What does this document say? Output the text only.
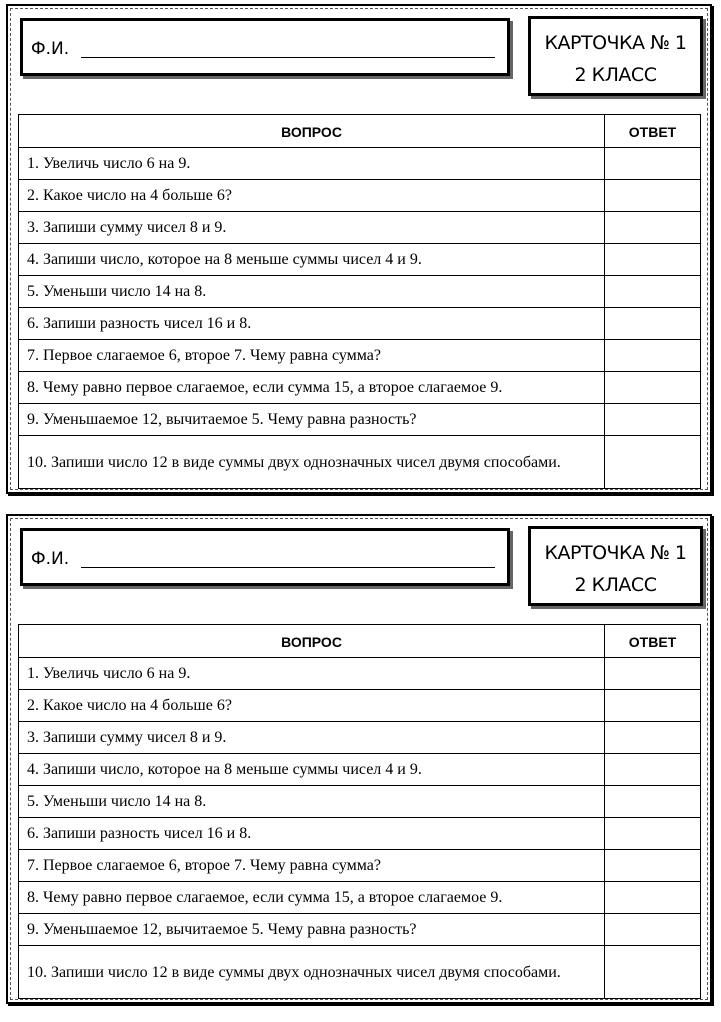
Ф.И.	КАРТОЧКА № 1
2 КЛАСС
ВОПРОС	ОТВЕТ
1. Увеличь число 6 на 9.	
2. Какое число на 4 больше 6?	
3. Запиши сумму чисел 8 и 9.	
4. Запиши число, которое на 8 меньше суммы чисел 4 и 9.	
5. Уменьши число 14 на 8.	
6. Запиши разность чисел 16 и 8.	
7. Первое слагаемое 6, второе 7. Чему равна сумма?	
8. Чему равно первое слагаемое, если сумма 15, а второе слагаемое 9.	
9. Уменьшаемое 12, вычитаемое 5. Чему равна разность?	
10. Запиши число 12 в виде суммы двух однозначных чисел двумя способами.	
Ф.И.	КАРТОЧКА № 1
2 КЛАСС
ВОПРОС	ОТВЕТ
1. Увеличь число 6 на 9.	
2. Какое число на 4 больше 6?	
3. Запиши сумму чисел 8 и 9.	
4. Запиши число, которое на 8 меньше суммы чисел 4 и 9.	
5. Уменьши число 14 на 8.	
6. Запиши разность чисел 16 и 8.	
7. Первое слагаемое 6, второе 7. Чему равна сумма?	
8. Чему равно первое слагаемое, если сумма 15, а второе слагаемое 9.	
9. Уменьшаемое 12, вычитаемое 5. Чему равна разность?	
10. Запиши число 12 в виде суммы двух однозначных чисел двумя способами.	
